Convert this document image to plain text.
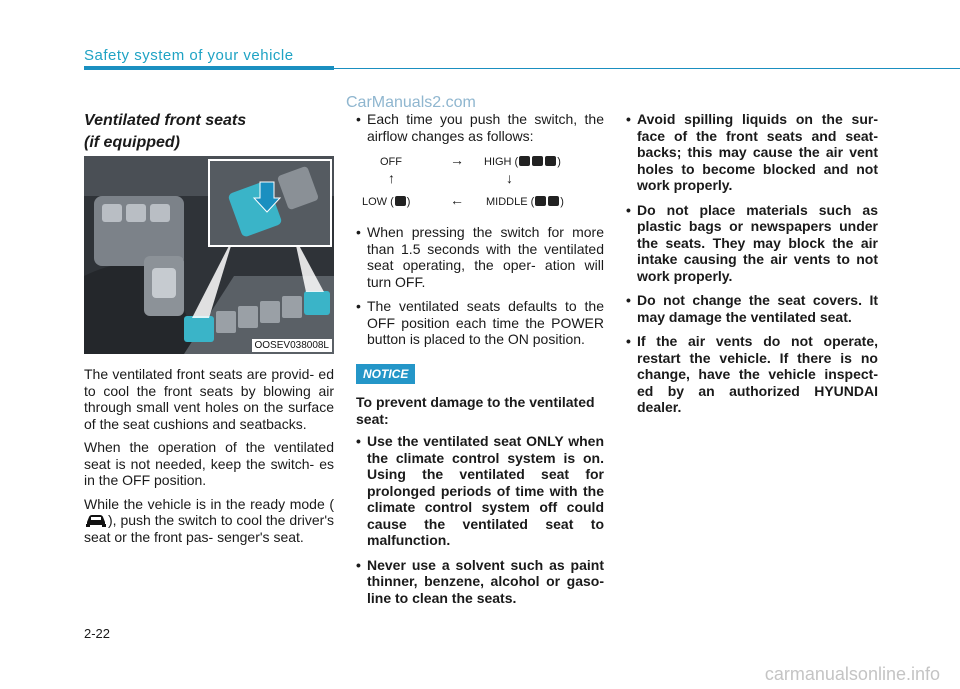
Safety system of your vehicle
CarManuals2.com
Ventilated front seats
(if equipped)
OOSEV038008L

The ventilated front seats are provid- ed to cool the front seats by blowing air through small vent holes on the surface of the seat cushions and seatbacks.

When the operation of the ventilated seat is not needed, keep the switch- es in the OFF position.

While the vehicle is in the ready mode (), push the switch to cool the driver's seat or the front pas- senger's seat.

• Each time you push the switch, the airflow changes as follows:
OFF	→ HIGH (	)
↑	↓
LOW ( )	← MIDDLE ( )
• When pressing the switch for more than 1.5 seconds with the ventilated seat operating, the oper- ation will turn OFF.
• The ventilated seats defaults to the OFF position each time the POWER button is placed to the ON position.
NOTICE
To prevent damage to the ventilated seat:
• Use the ventilated seat ONLY when the climate control system is on. Using the ventilated seat for prolonged periods of time with the climate control system off could cause the ventilated seat to malfunction.
• Never use a solvent such as paint thinner, benzene, alcohol or gaso- line to clean the seats.
• Avoid spilling liquids on the sur- face of the front seats and seat- backs; this may cause the air vent holes to become blocked and not work properly.
• Do not place materials such as plastic bags or newspapers under the seats. They may block the air intake causing the air vents to not work properly.
• Do not change the seat covers. It may damage the ventilated seat.
• If the air vents do not operate, restart the vehicle. If there is no change, have the vehicle inspect- ed by an authorized HYUNDAI dealer.
2-22
carmanualsonline.info
